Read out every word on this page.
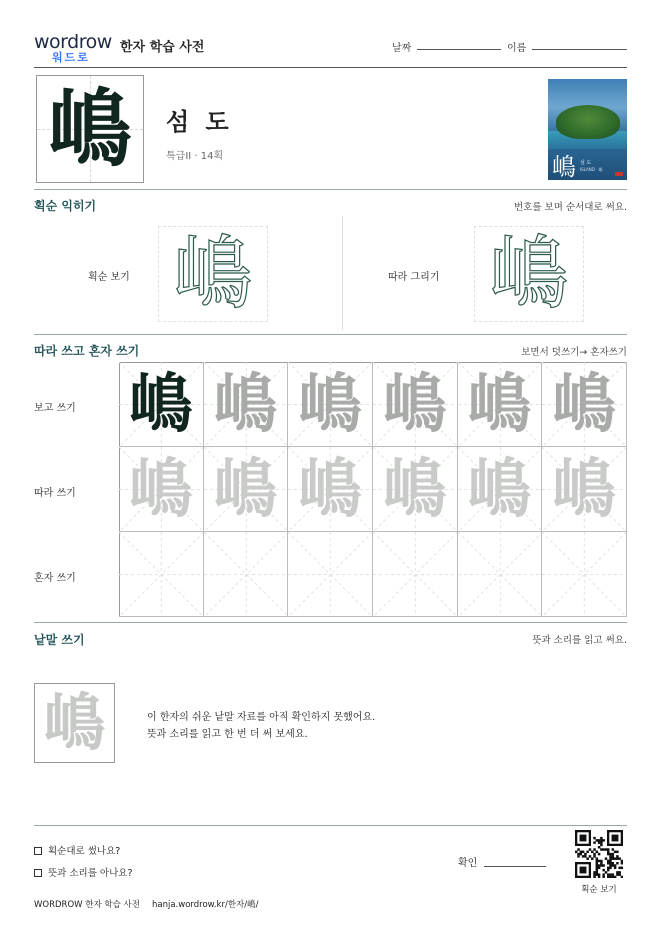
wordrow
워드로
한자 학습 사전	날짜	이름
嶋	섬 도
특급II · 14획	嶋 섬 도
ISLAND · 嶋
획순 익히기	번호를 보며 순서대로 써요.
획순 보기 嶋	따라 그리기 嶋
따라 쓰고 혼자 쓰기	보면서 덧쓰기→ 혼자쓰기
보고 쓰기
따라 쓰기
혼자 쓰기
嶋 嶋 嶋 嶋 嶋 嶋
嶋 嶋 嶋 嶋 嶋 嶋
낱말 쓰기	뜻과 소리를 읽고 써요.
嶋	이 한자의 쉬운 낱말 자료를 아직 확인하지 못했어요.
뜻과 소리를 읽고 한 번 더 써 보세요.
획순대로 썼나요?
뜻과 소리를 아나요?
확인
획순 보기
WORDROW 한자 학습 사전 hanja.wordrow.kr/한자/嶋/
